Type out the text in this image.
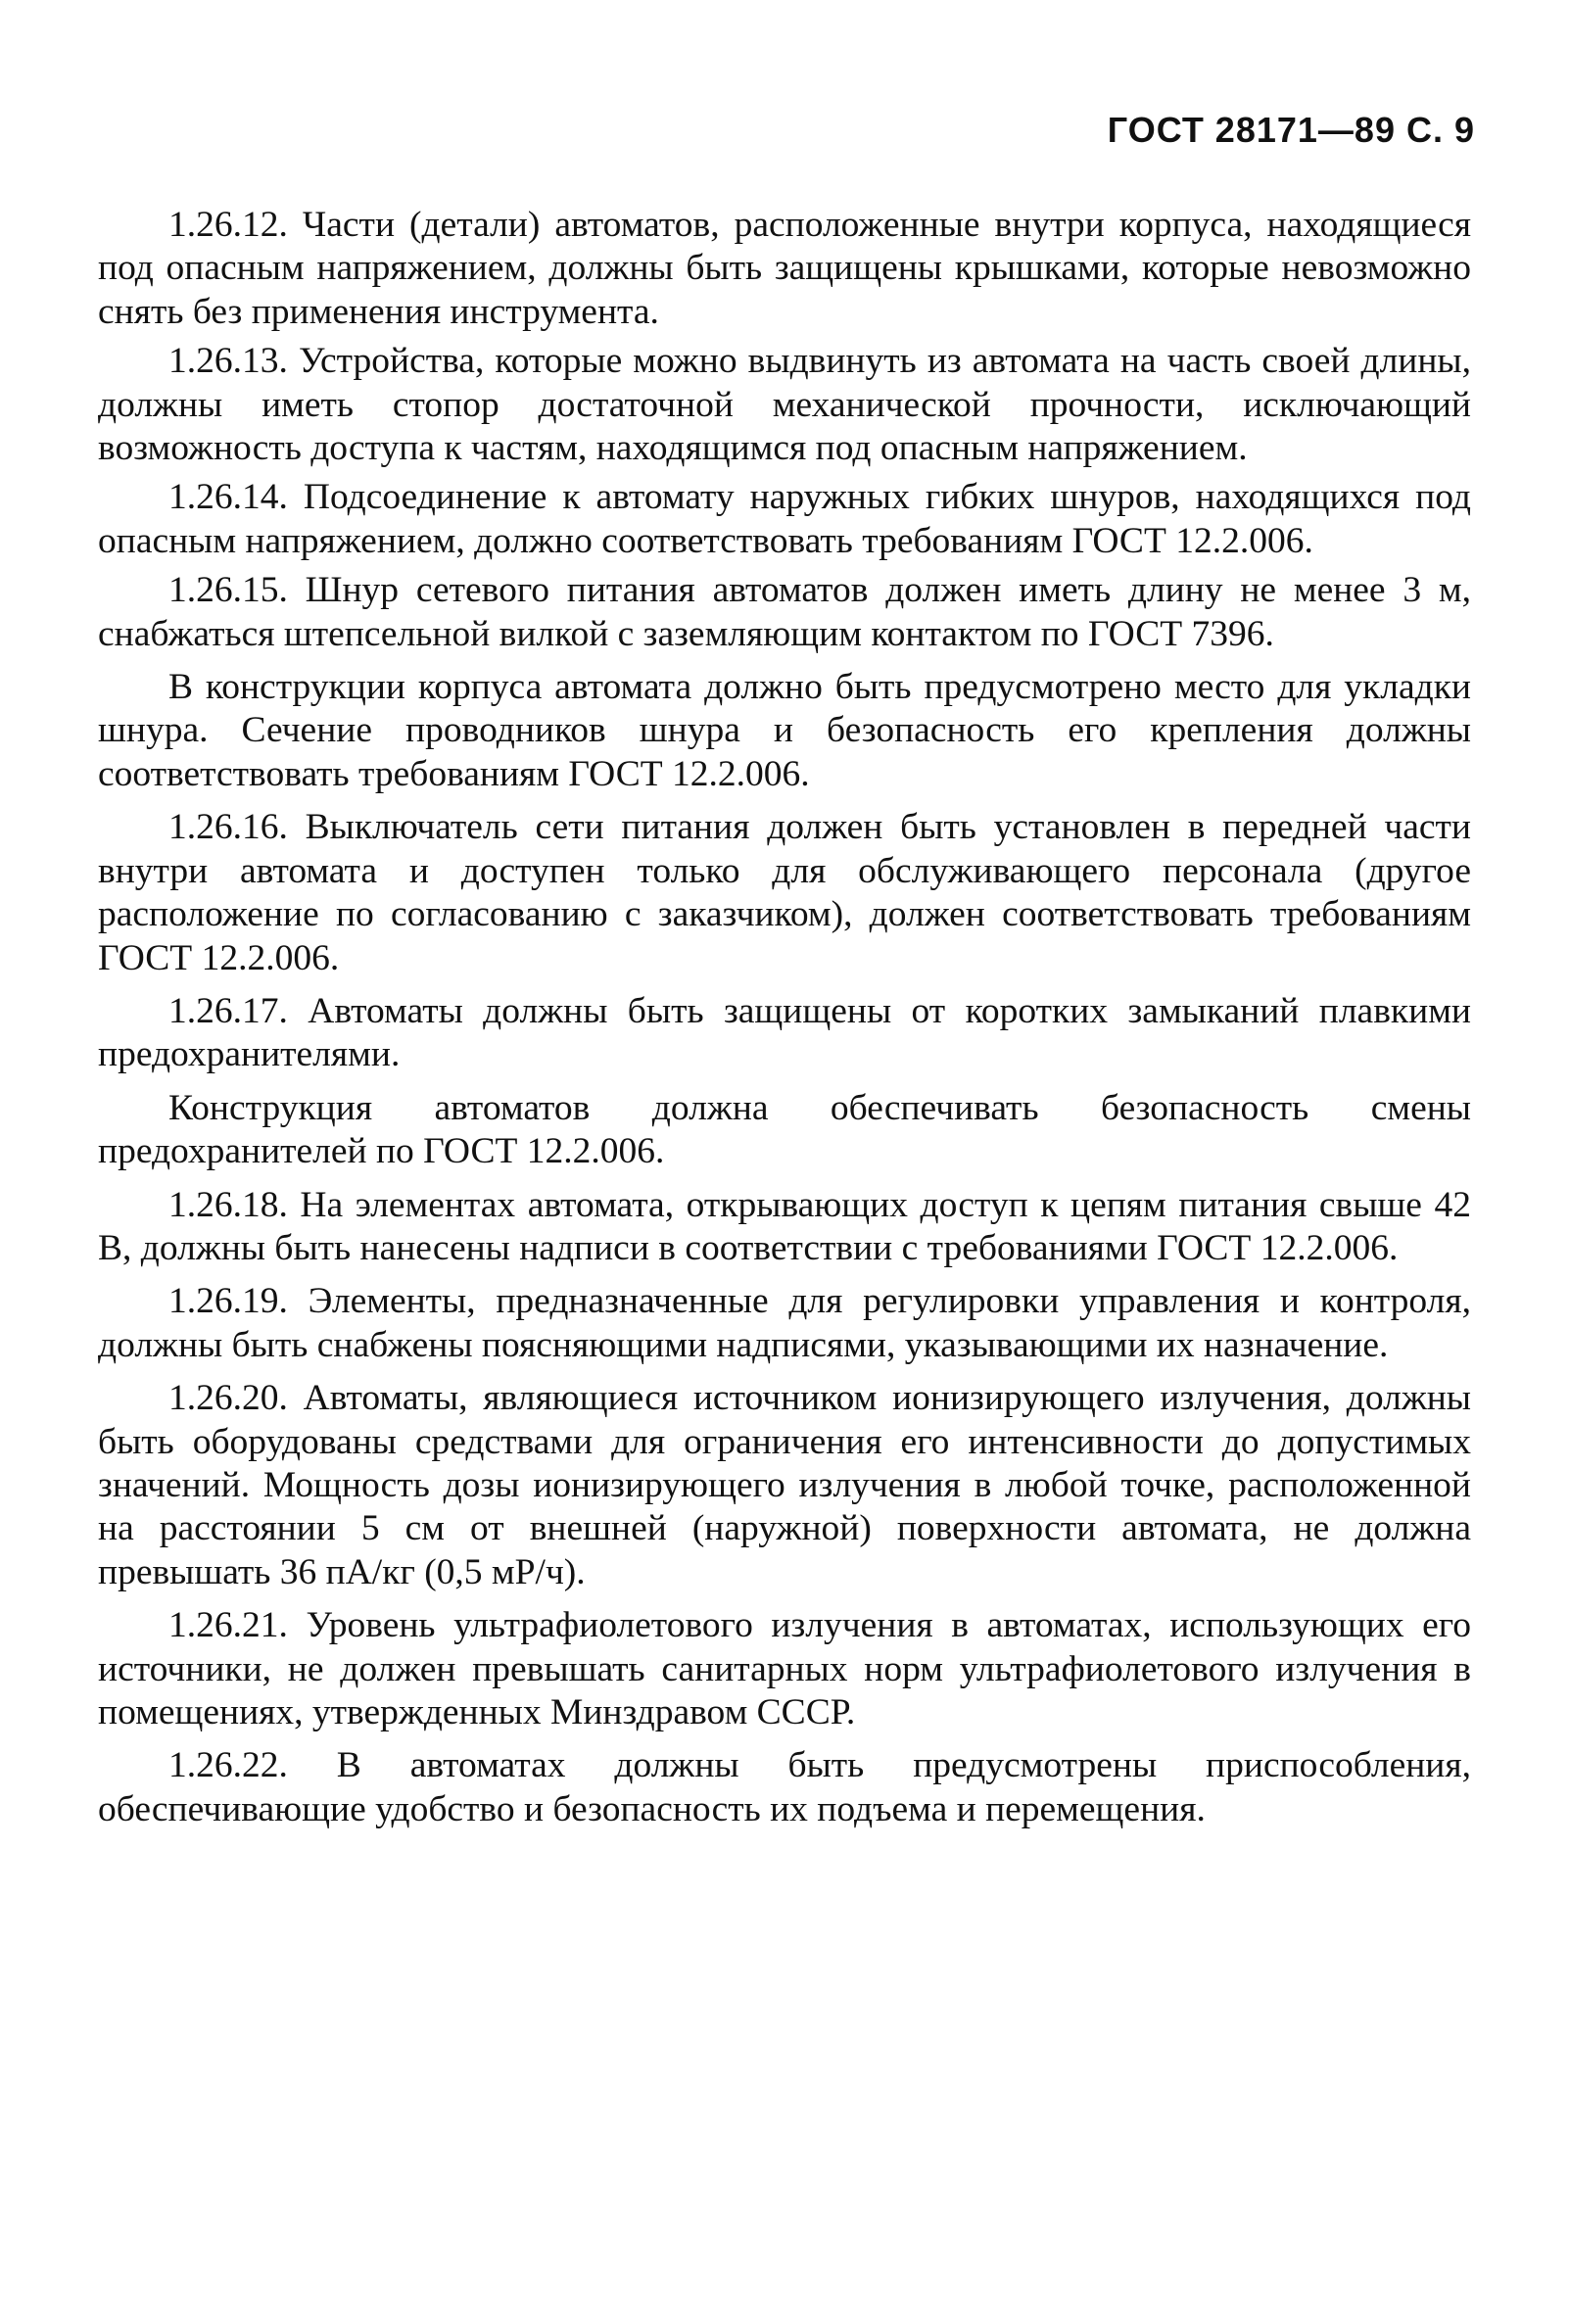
ГОСТ 28171—89 С. 9

1.26.12. Части (детали) автоматов, расположенные внутри корпуса, находящиеся под опасным напряжением, должны быть защищены крышками, которые невозможно снять без применения инструмента.

1.26.13. Устройства, которые можно выдвинуть из автомата на часть своей длины, должны иметь стопор достаточной механической прочности, исключающий возможность доступа к частям, находящимся под опасным напряжением.

1.26.14. Подсоединение к автомату наружных гибких шнуров, находящихся под опасным напряжением, должно соответствовать требованиям ГОСТ 12.2.006.

1.26.15. Шнур сетевого питания автоматов должен иметь длину не менее 3 м, снабжаться штепсельной вилкой с заземляющим контактом по ГОСТ 7396.

В конструкции корпуса автомата должно быть предусмотрено место для укладки шнура. Сечение проводников шнура и безопасность его крепления должны соответствовать требованиям ГОСТ 12.2.006.

1.26.16. Выключатель сети питания должен быть установлен в передней части внутри автомата и доступен только для обслуживающего персонала (другое расположение по согласованию с заказчиком), должен соответствовать требованиям ГОСТ 12.2.006.

1.26.17. Автоматы должны быть защищены от коротких замыканий плавкими предохранителями.

Конструкция автоматов должна обеспечивать безопасность смены предохранителей по ГОСТ 12.2.006.

1.26.18. На элементах автомата, открывающих доступ к цепям питания свыше 42 В, должны быть нанесены надписи в соответствии с требованиями ГОСТ 12.2.006.

1.26.19. Элементы, предназначенные для регулировки управления и контроля, должны быть снабжены поясняющими надписями, указывающими их назначение.

1.26.20. Автоматы, являющиеся источником ионизирующего излучения, должны быть оборудованы средствами для ограничения его интенсивности до допустимых значений. Мощность дозы ионизирующего излучения в любой точке, расположенной на расстоянии 5 см от внешней (наружной) поверхности автомата, не должна превышать 36 пА/кг (0,5 мР/ч).

1.26.21. Уровень ультрафиолетового излучения в автоматах, использующих его источники, не должен превышать санитарных норм ультрафиолетового излучения в помещениях, утвержденных Минздравом СССР.

1.26.22. В автоматах должны быть предусмотрены приспособления, обеспечивающие удобство и безопасность их подъема и перемещения.
